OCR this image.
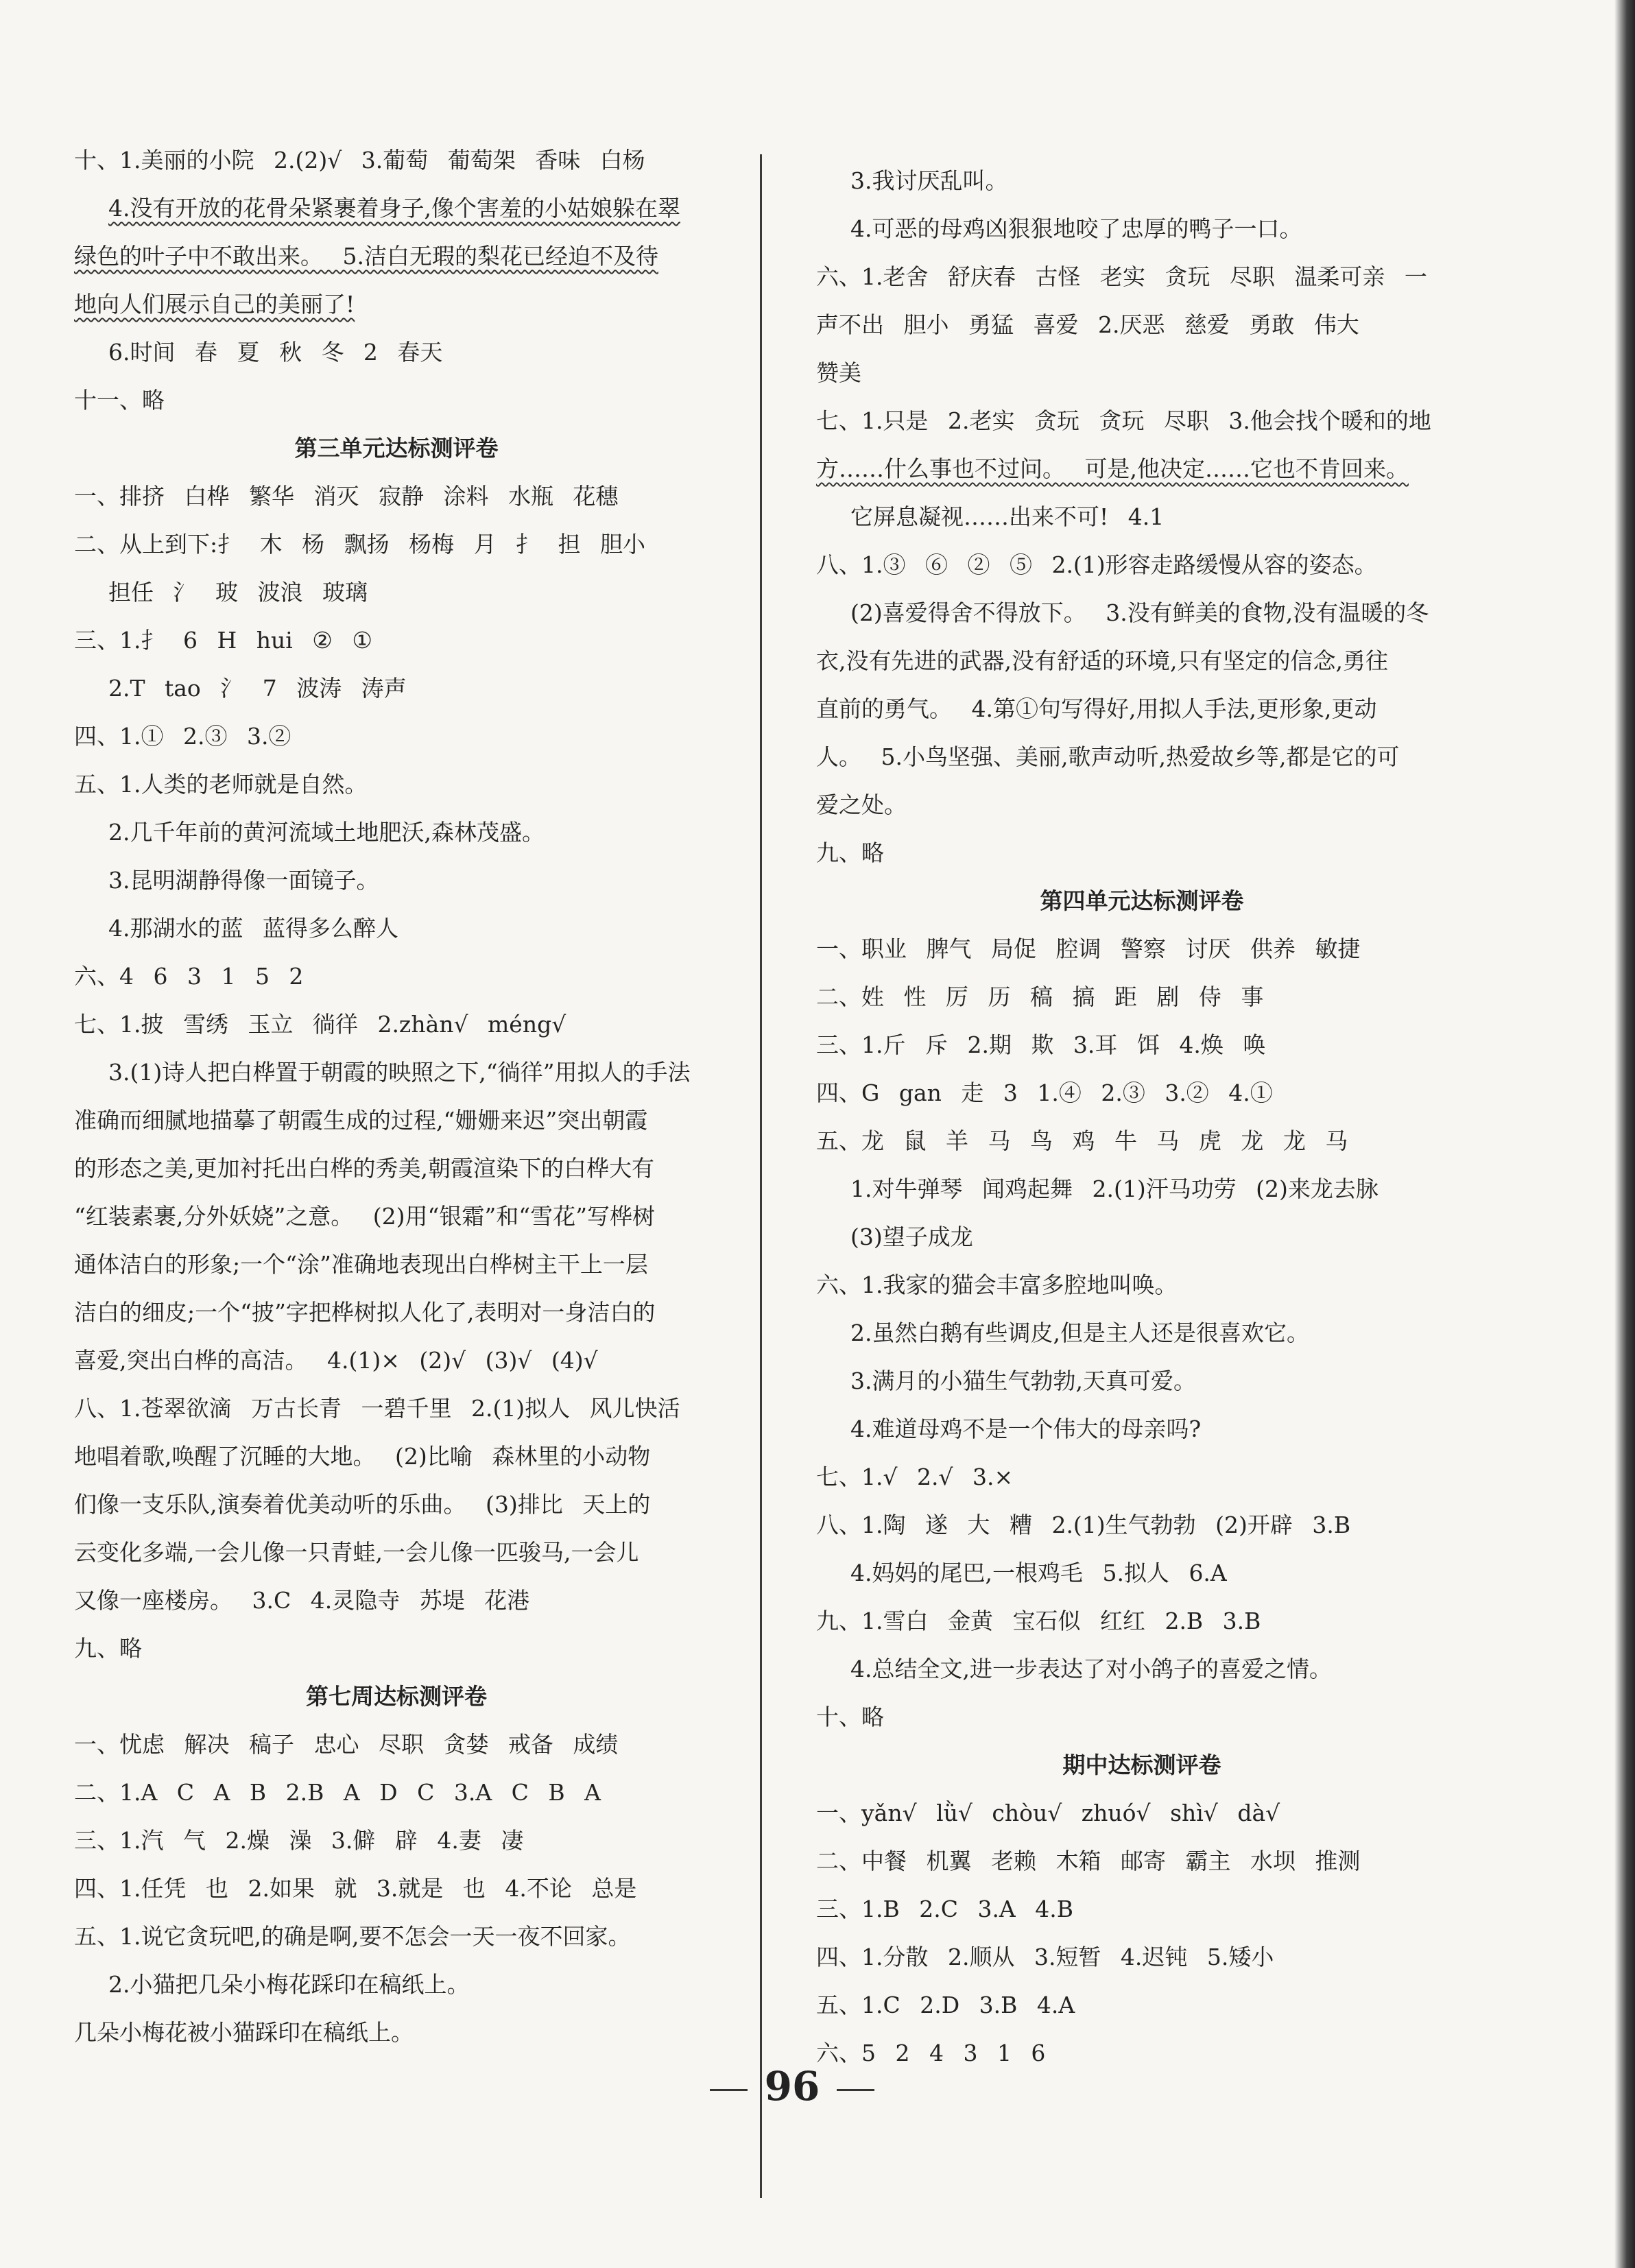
十、1.美丽的小院 2.(2)√ 3.葡萄 葡萄架 香味 白杨
4.没有开放的花骨朵紧裹着身子,像个害羞的小姑娘躲在翠
绿色的叶子中不敢出来。 5.洁白无瑕的梨花已经迫不及待
地向人们展示自己的美丽了!
6.时间 春 夏 秋 冬 2 春天
十一、略
第三单元达标测评卷
一、排挤 白桦 繁华 消灭 寂静 涂料 水瓶 花穗
二、从上到下:扌 木 杨 飘扬 杨梅 月 扌 担 胆小
担任 氵 玻 波浪 玻璃
三、1.扌 6 H hui ② ①
2.T tao 氵 7 波涛 涛声
四、1.① 2.③ 3.②
五、1.人类的老师就是自然。
2.几千年前的黄河流域土地肥沃,森林茂盛。
3.昆明湖静得像一面镜子。
4.那湖水的蓝 蓝得多么醉人
六、4 6 3 1 5 2
七、1.披 雪绣 玉立 徜徉 2.zhàn√ méng√
3.(1)诗人把白桦置于朝霞的映照之下,“徜徉”用拟人的手法
准确而细腻地描摹了朝霞生成的过程,“姗姗来迟”突出朝霞
的形态之美,更加衬托出白桦的秀美,朝霞渲染下的白桦大有
“红装素裹,分外妖娆”之意。 (2)用“银霜”和“雪花”写桦树
通体洁白的形象;一个“涂”准确地表现出白桦树主干上一层
洁白的细皮;一个“披”字把桦树拟人化了,表明对一身洁白的
喜爱,突出白桦的高洁。 4.(1)× (2)√ (3)√ (4)√
八、1.苍翠欲滴 万古长青 一碧千里 2.(1)拟人 风儿快活
地唱着歌,唤醒了沉睡的大地。 (2)比喻 森林里的小动物
们像一支乐队,演奏着优美动听的乐曲。 (3)排比 天上的
云变化多端,一会儿像一只青蛙,一会儿像一匹骏马,一会儿
又像一座楼房。 3.C 4.灵隐寺 苏堤 花港
九、略
第七周达标测评卷
一、忧虑 解决 稿子 忠心 尽职 贪婪 戒备 成绩
二、1.A C A B 2.B A D C 3.A C B A
三、1.汽 气 2.燥 澡 3.僻 辟 4.妻 凄
四、1.任凭 也 2.如果 就 3.就是 也 4.不论 总是
五、1.说它贪玩吧,的确是啊,要不怎会一天一夜不回家。
2.小猫把几朵小梅花踩印在稿纸上。
几朵小梅花被小猫踩印在稿纸上。
3.我讨厌乱叫。
4.可恶的母鸡凶狠狠地咬了忠厚的鸭子一口。
六、1.老舍 舒庆春 古怪 老实 贪玩 尽职 温柔可亲 一
声不出 胆小 勇猛 喜爱 2.厌恶 慈爱 勇敢 伟大
赞美
七、1.只是 2.老实 贪玩 贪玩 尽职 3.他会找个暖和的地
方……什么事也不过问。 可是,他决定……它也不肯回来。
它屏息凝视……出来不可! 4.1
八、1.③ ⑥ ② ⑤ 2.(1)形容走路缓慢从容的姿态。
(2)喜爱得舍不得放下。 3.没有鲜美的食物,没有温暖的冬
衣,没有先进的武器,没有舒适的环境,只有坚定的信念,勇往
直前的勇气。 4.第①句写得好,用拟人手法,更形象,更动
人。 5.小鸟坚强、美丽,歌声动听,热爱故乡等,都是它的可
爱之处。
九、略
第四单元达标测评卷
一、职业 脾气 局促 腔调 警察 讨厌 供养 敏捷
二、姓 性 厉 历 稿 搞 距 剧 侍 事
三、1.斤 斥 2.期 欺 3.耳 饵 4.焕 唤
四、G gan 走 3 1.④ 2.③ 3.② 4.①
五、龙 鼠 羊 马 鸟 鸡 牛 马 虎 龙 龙 马
1.对牛弹琴 闻鸡起舞 2.(1)汗马功劳 (2)来龙去脉
(3)望子成龙
六、1.我家的猫会丰富多腔地叫唤。
2.虽然白鹅有些调皮,但是主人还是很喜欢它。
3.满月的小猫生气勃勃,天真可爱。
4.难道母鸡不是一个伟大的母亲吗?
七、1.√ 2.√ 3.×
八、1.陶 遂 大 糟 2.(1)生气勃勃 (2)开辟 3.B
4.妈妈的尾巴,一根鸡毛 5.拟人 6.A
九、1.雪白 金黄 宝石似 红红 2.B 3.B
4.总结全文,进一步表达了对小鸽子的喜爱之情。
十、略
期中达标测评卷
一、yǎn√ lǜ√ chòu√ zhuó√ shì√ dà√
二、中餐 机翼 老赖 木箱 邮寄 霸主 水坝 推测
三、1.B 2.C 3.A 4.B
四、1.分散 2.顺从 3.短暂 4.迟钝 5.矮小
五、1.C 2.D 3.B 4.A
六、5 2 4 3 1 6
96
